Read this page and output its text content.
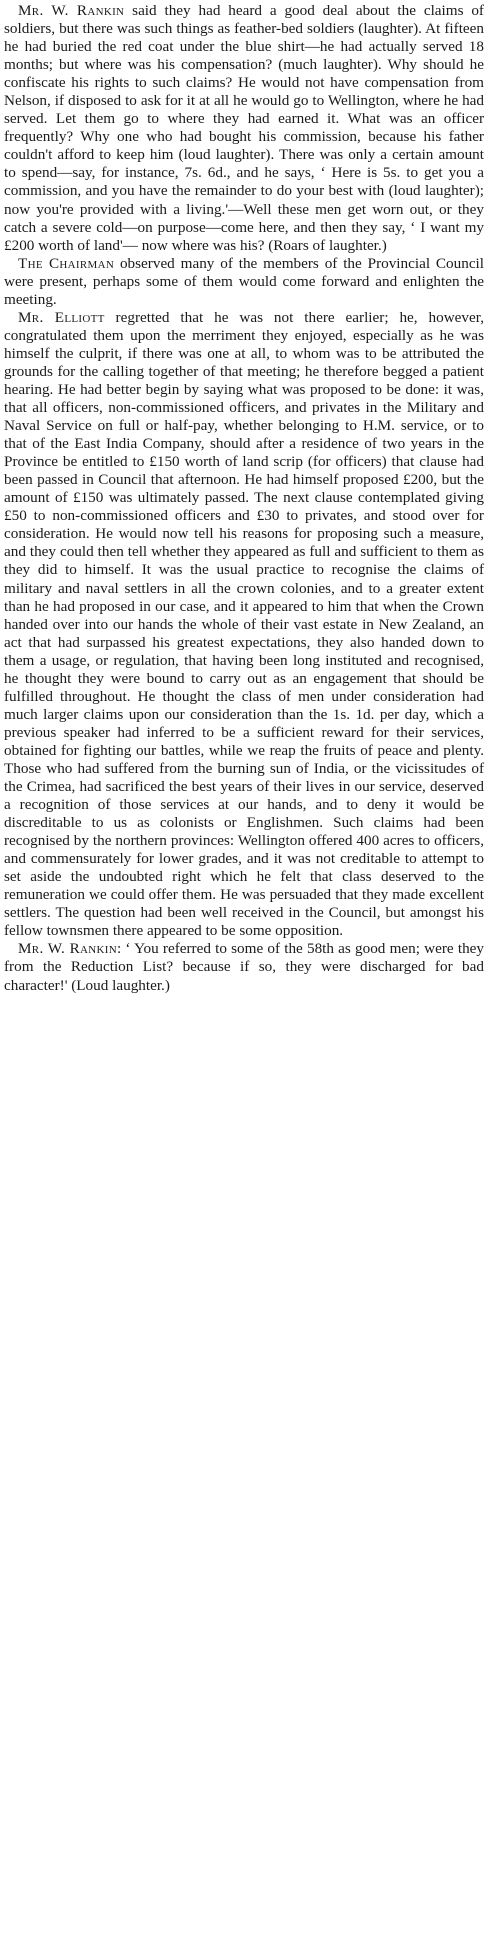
Mr. W. Rankin said they had heard a good deal about the claims of soldiers, but there was such things as feather-bed soldiers (laughter). At fifteen he had buried the red coat under the blue shirt—he had actually served 18 months; but where was his compensation? (much laughter). Why should he confiscate his rights to such claims? He would not have compensation from Nelson, if disposed to ask for it at all he would go to Wellington, where he had served. Let them go to where they had earned it. What was an officer frequently? Why one who had bought his commission, because his father couldn't afford to keep him (loud laughter). There was only a certain amount to spend—say, for instance, 7s. 6d., and he says, ‘ Here is 5s. to get you a commission, and you have the remainder to do your best with (loud laughter); now you're provided with a living.'—Well these men get worn out, or they catch a severe cold—on purpose—come here, and then they say, ‘ I want my £200 worth of land'— now where was his? (Roars of laughter.)

The Chairman observed many of the members of the Provincial Council were present, perhaps some of them would come forward and enlighten the meeting.

Mr. Elliott regretted that he was not there earlier; he, however, congratulated them upon the merriment they enjoyed, especially as he was himself the culprit, if there was one at all, to whom was to be attributed the grounds for the calling together of that meeting; he therefore begged a patient hearing. He had better begin by saying what was proposed to be done: it was, that all officers, non-commissioned officers, and privates in the Military and Naval Service on full or half-pay, whether belonging to H.M. service, or to that of the East India Company, should after a residence of two years in the Province be entitled to £150 worth of land scrip (for officers) that clause had been passed in Council that afternoon. He had himself proposed £200, but the amount of £150 was ultimately passed. The next clause contemplated giving £50 to non-commissioned officers and £30 to privates, and stood over for consideration. He would now tell his reasons for proposing such a measure, and they could then tell whether they appeared as full and sufficient to them as they did to himself. It was the usual practice to recognise the claims of military and naval settlers in all the crown colonies, and to a greater extent than he had proposed in our case, and it appeared to him that when the Crown handed over into our hands the whole of their vast estate in New Zealand, an act that had surpassed his greatest expectations, they also handed down to them a usage, or regulation, that having been long instituted and recognised, he thought they were bound to carry out as an engagement that should be fulfilled throughout. He thought the class of men under consideration had much larger claims upon our consideration than the 1s. 1d. per day, which a previous speaker had inferred to be a sufficient reward for their services, obtained for fighting our battles, while we reap the fruits of peace and plenty. Those who had suffered from the burning sun of India, or the vicissitudes of the Crimea, had sacrificed the best years of their lives in our service, deserved a recognition of those services at our hands, and to deny it would be discreditable to us as colonists or Englishmen. Such claims had been recognised by the northern provinces: Wellington offered 400 acres to officers, and commensurately for lower grades, and it was not creditable to attempt to set aside the undoubted right which he felt that class deserved to the remuneration we could offer them. He was persuaded that they made excellent settlers. The question had been well received in the Council, but amongst his fellow townsmen there appeared to be some opposition.

Mr. W. Rankin: ‘ You referred to some of the 58th as good men; were they from the Reduction List? because if so, they were discharged for bad character!' (Loud laughter.)
